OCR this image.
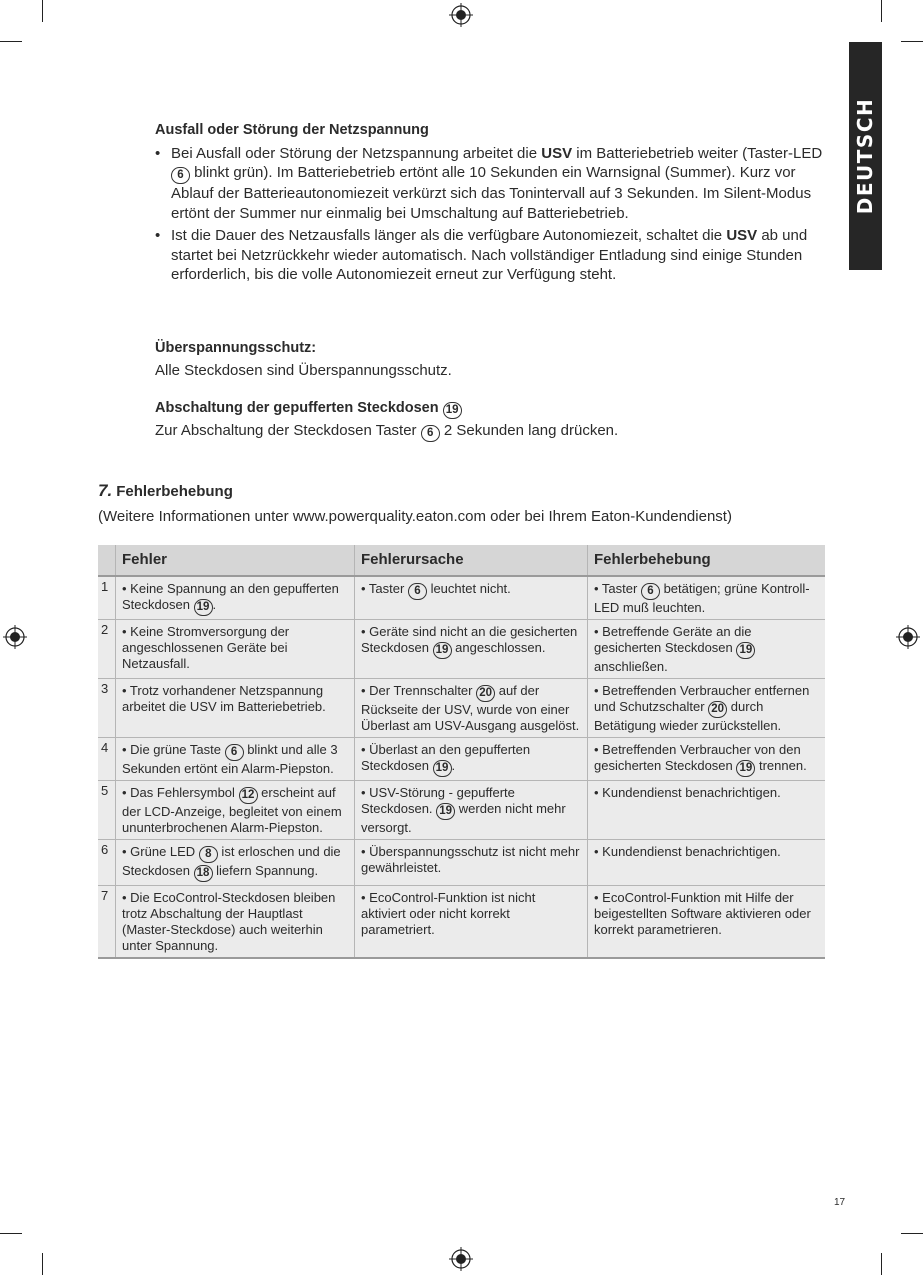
DEUTSCH

Ausfall oder Störung der Netzspannung

• Bei Ausfall oder Störung der Netzspannung arbeitet die USV im Batteriebetrieb weiter (Taster-LED 6 blinkt grün). Im Batteriebetrieb ertönt alle 10 Sekunden ein Warnsignal (Summer). Kurz vor Ablauf der Batterieautonomiezeit verkürzt sich das Tonintervall auf 3 Sekunden. Im Silent-Modus ertönt der Summer nur einmalig bei Umschaltung auf Batteriebetrieb.

• Ist die Dauer des Netzausfalls länger als die verfügbare Autonomiezeit, schaltet die USV ab und startet bei Netzrückkehr wieder automatisch. Nach vollständiger Entladung sind einige Stunden erforderlich, bis die volle Autonomiezeit erneut zur Verfügung steht.

Überspannungsschutz:

Alle Steckdosen sind Überspannungsschutz.

Abschaltung der gepufferten Steckdosen 19

Zur Abschaltung der Steckdosen Taster 6 2 Sekunden lang drücken.

7. Fehlerbehebung
(Weitere Informationen unter www.powerquality.eaton.com oder bei Ihrem Eaton-Kundendienst)
	Fehler	Fehlerursache	Fehlerbehebung
1	• Keine Spannung an den gepufferten Steckdosen 19 .	• Taster 6 leuchtet nicht.	• Taster 6 betätigen; grüne Kontroll-LED muß leuchten.
2	• Keine Stromversorgung der angeschlossenen Geräte bei Netzausfall.	• Geräte sind nicht an die gesicherten Steckdosen 19 angeschlossen.	• Betreffende Geräte an die gesicherten Steckdosen 19 anschließen.
3	• Trotz vorhandener Netzspannung arbeitet die USV im Batteriebetrieb.	• Der Trennschalter 20 auf der Rückseite der USV, wurde von einer Überlast am USV-Ausgang ausgelöst.	• Betreffenden Verbraucher entfernen und Schutzschalter 20 durch Betätigung wieder zurückstellen.
4	• Die grüne Taste 6 blinkt und alle 3 Sekunden ertönt ein Alarm-Piepston.	• Überlast an den gepufferten Steckdosen 19 .	• Betreffenden Verbraucher von den gesicherten Steckdosen 19 trennen.
5	• Das Fehlersymbol 12 erscheint auf der LCD-Anzeige, begleitet von einem ununterbrochenen Alarm-Piepston.	• USV-Störung - gepufferte Steckdosen. 19 werden nicht mehr versorgt.	• Kundendienst benachrichtigen.
6	• Grüne LED 8 ist erloschen und die Steckdosen 18 liefern Spannung.	• Überspannungsschutz ist nicht mehr gewährleistet.	• Kundendienst benachrichtigen.
7	• Die EcoControl-Steckdosen bleiben trotz Abschaltung der Hauptlast (Master-Steckdose) auch weiterhin unter Spannung.	• EcoControl-Funktion ist nicht aktiviert oder nicht korrekt parametriert.	• EcoControl-Funktion mit Hilfe der beigestellten Software aktivieren oder korrekt parametrieren.
17
